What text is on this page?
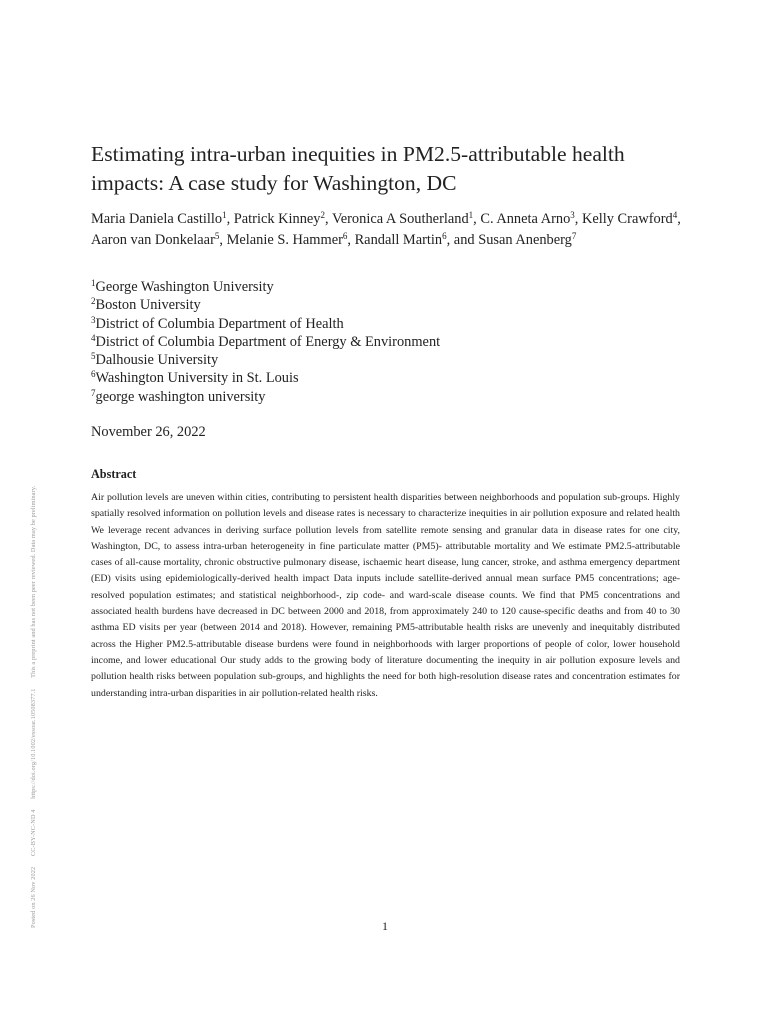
Posted on 26 Nov 2022 CC-BY-NC-ND 4 https://doi.org/10.1002/essoar.10508377.1 This a preprint and has not been peer reviewed. Data may be preliminary.
Estimating intra-urban inequities in PM2.5-attributable health impacts: A case study for Washington, DC
Maria Daniela Castillo$^1$, Patrick Kinney$^2$, Veronica A Southerland$^1$, C. Anneta Arno$^3$, Kelly Crawford$^4$, Aaron van Donkelaar$^5$, Melanie S. Hammer$^6$, Randall Martin$^6$, and Susan Anenberg$^7$
$^1$George Washington University
$^2$Boston University
$^3$District of Columbia Department of Health
$^4$District of Columbia Department of Energy & Environment
$^5$Dalhousie University
$^6$Washington University in St. Louis
$^7$george washington university
November 26, 2022
Abstract

Air pollution levels are uneven within cities, contributing to persistent health disparities between neighborhoods and population sub-groups. Highly spatially resolved information on pollution levels and disease rates is necessary to characterize inequities in air pollution exposure and related health We leverage recent advances in deriving surface pollution levels from satellite remote sensing and granular data in disease rates for one city, Washington, DC, to assess intra-urban heterogeneity in fine particulate matter (PM5)- attributable mortality and We estimate PM2.5-attributable cases of all-cause mortality, chronic obstructive pulmonary disease, ischaemic heart disease, lung cancer, stroke, and asthma emergency department (ED) visits using epidemiologically-derived health impact Data inputs include satellite-derived annual mean surface PM5 concentrations; age-resolved population estimates; and statistical neighborhood-, zip code- and ward-scale disease counts. We find that PM5 concentrations and associated health burdens have decreased in DC between 2000 and 2018, from approximately 240 to 120 cause-specific deaths and from 40 to 30 asthma ED visits per year (between 2014 and 2018). However, remaining PM5-attributable health risks are unevenly and inequitably distributed across the Higher PM2.5-attributable disease burdens were found in neighborhoods with larger proportions of people of color, lower household income, and lower educational Our study adds to the growing body of literature documenting the inequity in air pollution exposure levels and pollution health risks between population sub-groups, and highlights the need for both high-resolution disease rates and concentration estimates for understanding intra-urban disparities in air pollution-related health risks.

1
